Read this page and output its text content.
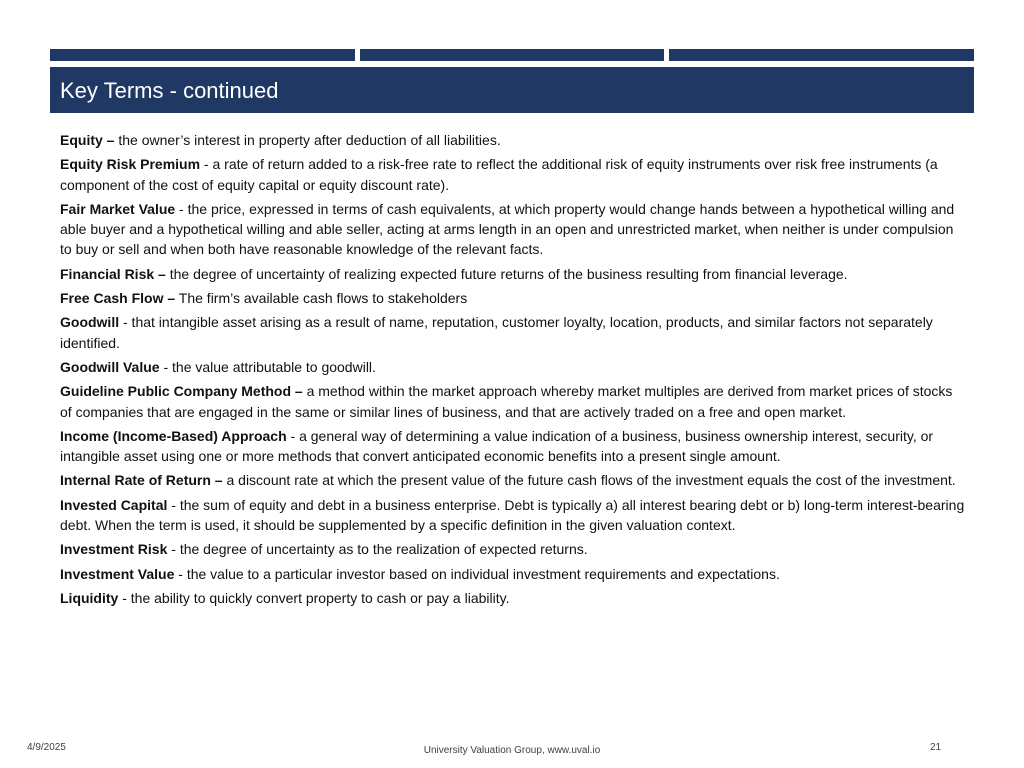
Key Terms - continued

Equity – the owner’s interest in property after deduction of all liabilities.

Equity Risk Premium - a rate of return added to a risk-free rate to reflect the additional risk of equity instruments over risk free instruments (a component of the cost of equity capital or equity discount rate).

Fair Market Value - the price, expressed in terms of cash equivalents, at which property would change hands between a hypothetical willing and able buyer and a hypothetical willing and able seller, acting at arms length in an open and unrestricted market, when neither is under compulsion to buy or sell and when both have reasonable knowledge of the relevant facts.

Financial Risk – the degree of uncertainty of realizing expected future returns of the business resulting from financial leverage.

Free Cash Flow – The firm’s available cash flows to stakeholders

Goodwill - that intangible asset arising as a result of name, reputation, customer loyalty, location, products, and similar factors not separately identified.

Goodwill Value - the value attributable to goodwill.

Guideline Public Company Method – a method within the market approach whereby market multiples are derived from market prices of stocks of companies that are engaged in the same or similar lines of business, and that are actively traded on a free and open market.

Income (Income-Based) Approach - a general way of determining a value indication of a business, business ownership interest, security, or intangible asset using one or more methods that convert anticipated economic benefits into a present single amount.

Internal Rate of Return – a discount rate at which the present value of the future cash flows of the investment equals the cost of the investment.

Invested Capital - the sum of equity and debt in a business enterprise. Debt is typically a) all interest bearing debt or b) long-term interest-bearing debt. When the term is used, it should be supplemented by a specific definition in the given valuation context.

Investment Risk - the degree of uncertainty as to the realization of expected returns.

Investment Value - the value to a particular investor based on individual investment requirements and expectations.

Liquidity - the ability to quickly convert property to cash or pay a liability.

4/9/2025	University Valuation Group, www.uval.io	21
